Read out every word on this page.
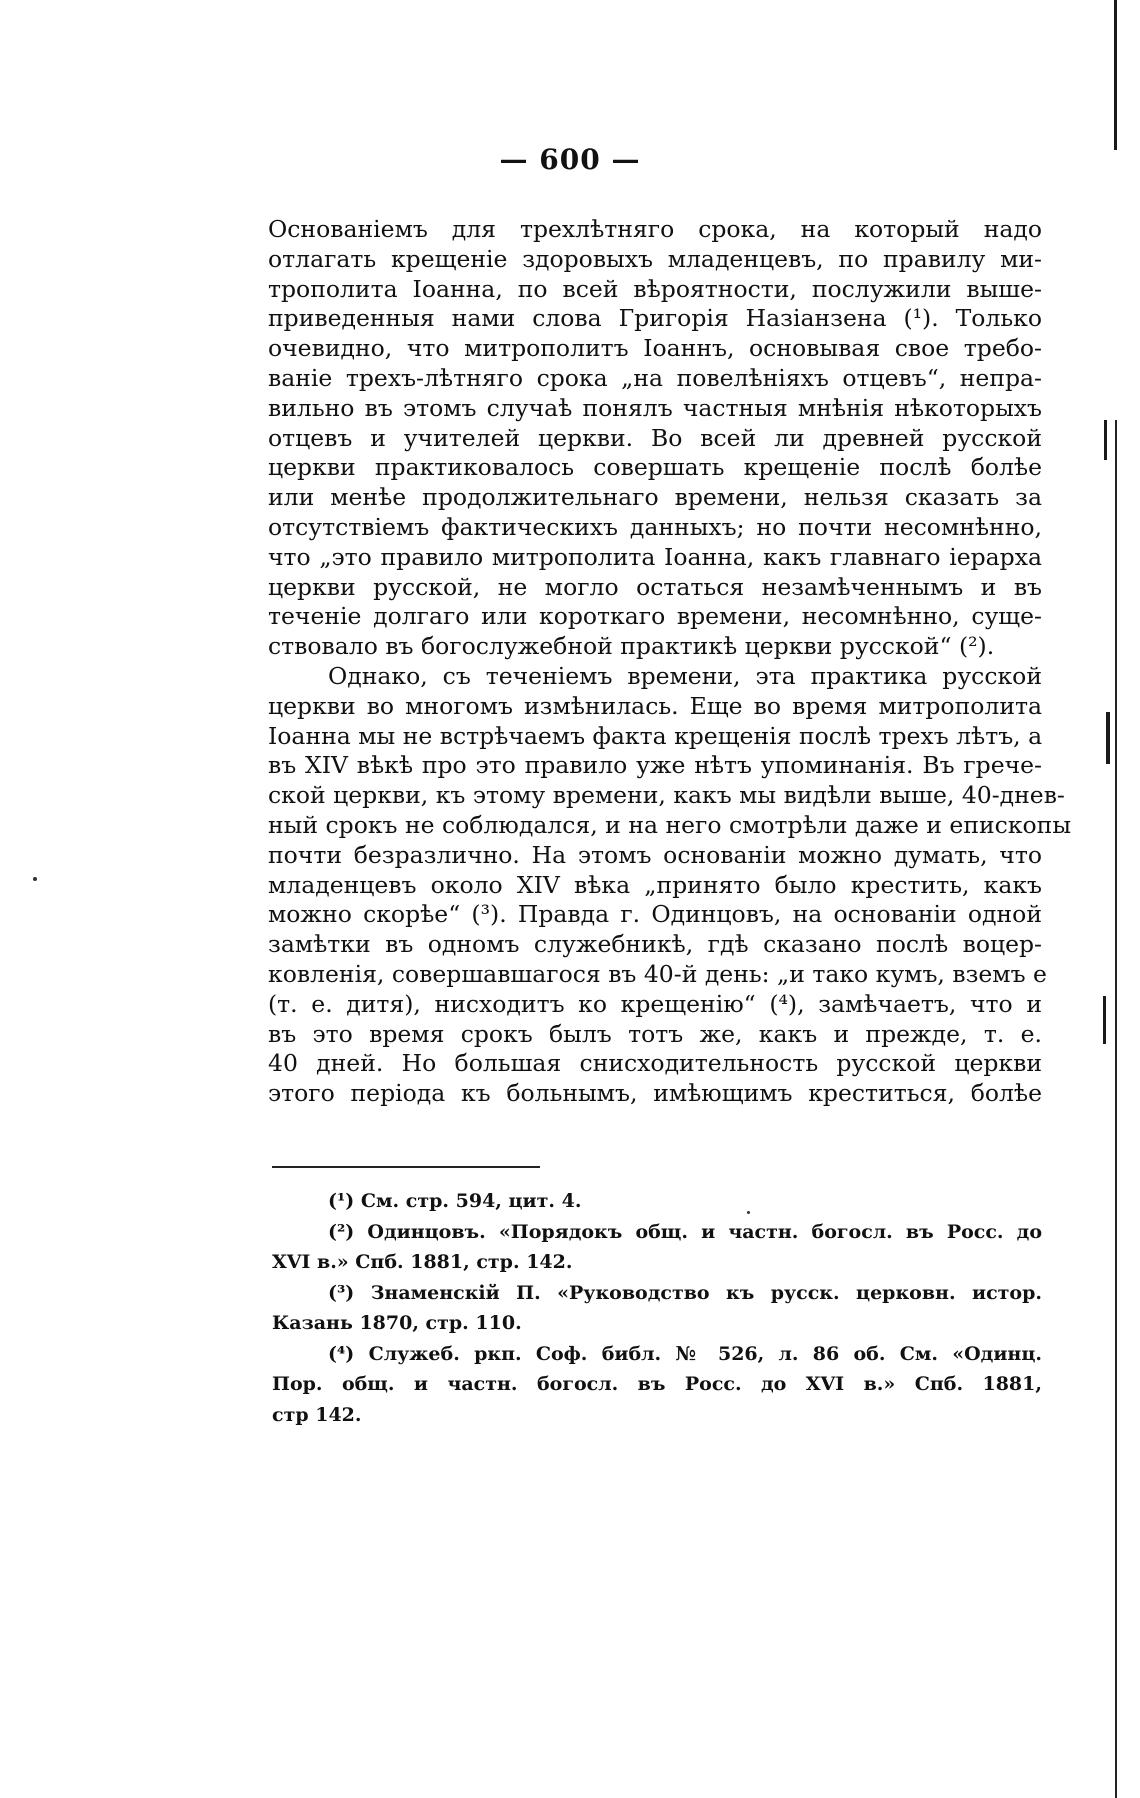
— 600 —
Основаніемъ для трехлѣтняго срока, на который надо
отлагать крещеніе здоровыхъ младенцевъ, по правилу ми-
трополита Іоанна, по всей вѣроятности, послужили выше-
приведенныя нами слова Григорія Назіанзена (¹). Только
очевидно, что митрополитъ Іоаннъ, основывая свое требо-
ваніе трехъ-лѣтняго срока „на повелѣніяхъ отцевъ“, непра-
вильно въ этомъ случаѣ понялъ частныя мнѣнія нѣкоторыхъ
отцевъ и учителей церкви. Во всей ли древней русской
церкви практиковалось совершать крещеніе послѣ болѣе
или менѣе продолжительнаго времени, нельзя сказать за
отсутствіемъ фактическихъ данныхъ; но почти несомнѣнно,
что „это правило митрополита Іоанна, какъ главнаго іерарха
церкви русской, не могло остаться незамѣченнымъ и въ
теченіе долгаго или короткаго времени, несомнѣнно, суще-
ствовало въ богослужебной практикѣ церкви русской“ (²).
Однако, съ теченіемъ времени, эта практика русской
церкви во многомъ измѣнилась. Еще во время митрополита
Іоанна мы не встрѣчаемъ факта крещенія послѣ трехъ лѣтъ, а
въ XIV вѣкѣ про это правило уже нѣтъ упоминанія. Въ грече-
ской церкви, къ этому времени, какъ мы видѣли выше, 40-днев-
ный срокъ не соблюдался, и на него смотрѣли даже и епископы
почти безразлично. На этомъ основаніи можно думать, что
младенцевъ около XIV вѣка „принято было крестить, какъ
можно скорѣе“ (³). Правда г. Одинцовъ, на основаніи одной
замѣтки въ одномъ служебникѣ, гдѣ сказано послѣ воцер-
ковленія, совершавшагося въ 40-й день: „и тако кумъ, вземъ е
(т. е. дитя), нисходитъ ко крещенію“ (⁴), замѣчаетъ, что и
въ это время срокъ былъ тотъ же, какъ и прежде, т. е.
40 дней. Но большая снисходительность русской церкви
этого періода къ больнымъ, имѣющимъ креститься, болѣе
(¹) См. стр. 594, цит. 4.
(²) Одинцовъ. «Порядокъ общ. и частн. богосл. въ Росс. до
XVI в.» Спб. 1881, стр. 142.
(³) Знаменскій П. «Руководство къ русск. церковн. истор.
Казань 1870, стр. 110.
(⁴) Служеб. ркп. Соф. библ. № 526, л. 86 об. См. «Одинц.
Пор. общ. и частн. богосл. въ Росс. до XVI в.» Спб. 1881,
стр 142.
